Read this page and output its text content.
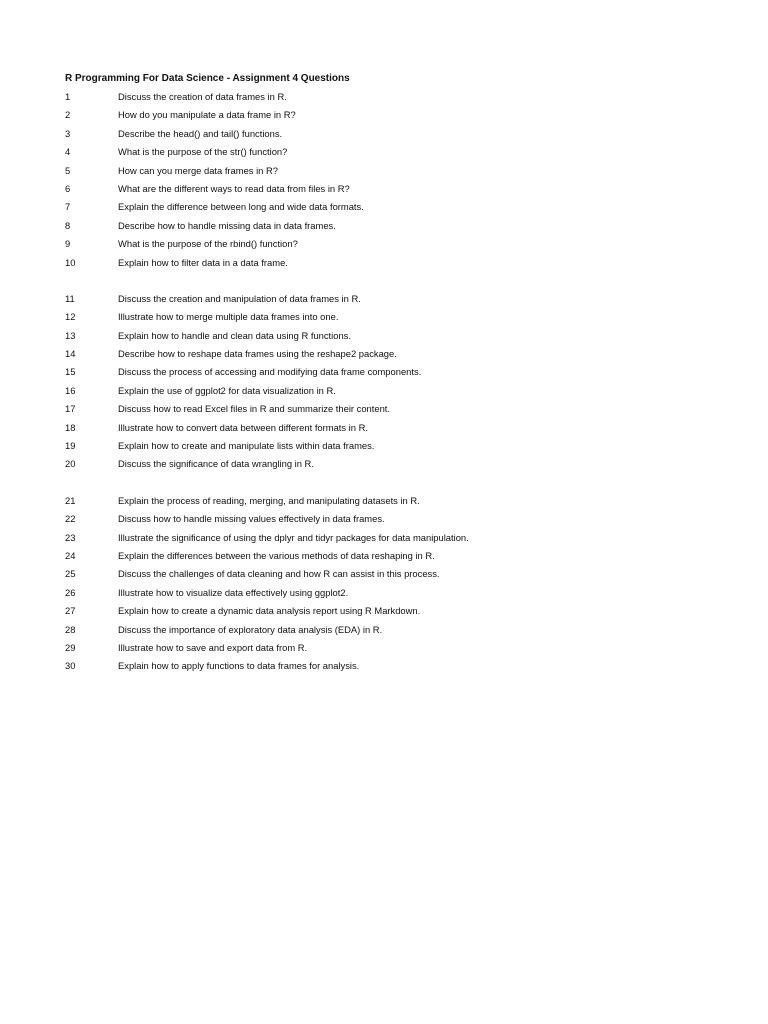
R Programming For Data Science - Assignment 4 Questions
1	Discuss the creation of data frames in R.
2	How do you manipulate a data frame in R?
3	Describe the head() and tail() functions.
4	What is the purpose of the str() function?
5	How can you merge data frames in R?
6	What are the different ways to read data from files in R?
7	Explain the difference between long and wide data formats.
8	Describe how to handle missing data in data frames.
9	What is the purpose of the rbind() function?
10	Explain how to filter data in a data frame.
11	Discuss the creation and manipulation of data frames in R.
12	Illustrate how to merge multiple data frames into one.
13	Explain how to handle and clean data using R functions.
14	Describe how to reshape data frames using the reshape2 package.
15	Discuss the process of accessing and modifying data frame components.
16	Explain the use of ggplot2 for data visualization in R.
17	Discuss how to read Excel files in R and summarize their content.
18	Illustrate how to convert data between different formats in R.
19	Explain how to create and manipulate lists within data frames.
20	Discuss the significance of data wrangling in R.
21	Explain the process of reading, merging, and manipulating datasets in R.
22	Discuss how to handle missing values effectively in data frames.
23	Illustrate the significance of using the dplyr and tidyr packages for data manipulation.
24	Explain the differences between the various methods of data reshaping in R.
25	Discuss the challenges of data cleaning and how R can assist in this process.
26	Illustrate how to visualize data effectively using ggplot2.
27	Explain how to create a dynamic data analysis report using R Markdown.
28	Discuss the importance of exploratory data analysis (EDA) in R.
29	Illustrate how to save and export data from R.
30	Explain how to apply functions to data frames for analysis.
